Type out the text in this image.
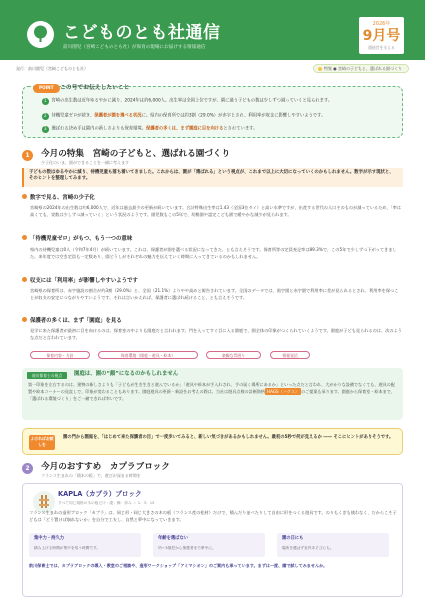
こどものとも社通信
前川園児（宮崎こどものとも社）が保育の現場にお届けする情報通信
2026年
9月号
園経営を支える
発行：前川園児（宮崎こどものとも社）	特集 ● 宮崎の子どもと、選ばれる園づくり
POINT	この号でお伝えしたいこと
1 宮崎の出生数は近年ゆるやかに減り、2024年は約6,000人。出生率は全国上位ですが、園に通う子どもの数は少しずつ減っていくと見られます。
2 待機児童ゼロが続き、保護者が園を選べる状況に。県内の保育所では約3割（29.0%）が赤字とされ、利用率が収支に影響しやすいようです。
3 選ばれる決め手は園内の新しさよりも保育環境。保護者の多くは、まず園庭に目を向けるとされています。
1	今月の特集　宮崎の子どもと、選ばれる園づくり
少子化のいま、園ができることを一緒に考えます
子どもの数はゆるやかに減り、待機児童も落ち着いてきました。これからは、園が「選ばれる」という視点が、これまで以上に大切になっていくのかもしれません。数字が示す現状と、そのヒントを整理してみます。
数字で見る、宮崎の少子化
宮崎県の2024年の出生数は約6,000人で、近年は過去最少の更新が続いています。合計特殊出生率は1.43（全国3位タイ）と高い水準ですが、出産する世代の人口そのものが減っているため、「率は高くても、実数は少しずつ減っていく」という状況のようです。園児数もこの5年で、幼稚園や認定こども園で緩やかな減少が見られます。
「待機児童ゼロ」がもつ、もう一つの意味
県内の待機児童は0人（令和7年4月）が続いています。これは、保護者が園を選べる状況になってきた、とも言えそうです。保育所等の定員充足率は89.3%で、この5年で少しずつ下がってきました。来年度では空き定員も一定数あり、園どうしがそれぞれの魅力を伝えていく時期に入ってきているのかもしれません。
収支には「利用率」が影響しやすいようです
宮崎県の保育所は、赤字施設の割合が約3割（29.0%）と、全国（21.1%）よりやや高めと報告されています。全国のデータでは、黒字園と赤字園で利用率に差が見られるとされ、利用率を保つことが収支の安定につながりやすいようです。それは言いかえれば、保護者に選ばれ続けること、とも言えそうです。
保護者の多くは、まず「園庭」を見る
見学に来た保護者が最初に目を向けるのは、保育室の中よりも園庭だと言われます。門を入ってすぐ目に入る園庭で、園全体の印象がつくられていくようです。園庭が子ども見られるのは、次のような点だと言われています。
保育内容・方針	保育環境（園庭・遊具・絵本）	楽観な雰囲り	情報発信
前川保育士の視点	園庭は、園の“顔”になるのかもしれません
第一印象を左右するのは、建物の新しさよりも「子どもが生き生きと遊んでいるか」「遊具や絵本が手入れされ、手の届く場所にあるか」といった点だと言われ、大がかりな設備でなくても、遊具の配置や絵本コーナーの見直しで、印象が変わることもあります。園庭遊具の更新・新設をお考えの際は、当社は遊具点検の診断資格 HAGS（ハグス） のご提案も承ります。園庭から保育室・絵本まで、「選ばれる環境づくり」をご一緒できれば幸いです。
よければお試しを
園の門から園庭を、「はじめて来た保護者の目」で一度歩いてみると、新しい気づきがあるかもしれません。最初の5秒で何が見えるか ―― そこにヒントがありそうです。
2	今月のおすすめ　カプラブロック
フランス生まれの「積木の板」で、遊びが深まる時間を
KAPLA（カプラ）ブロック
すべて同じ規格の木の板だけ・縦：横：厚み ＝ 1：3：15
フランス生まれの造形ブロック「カプラ」は、同じ形・同じ大きさの木の板（フランス産の松材）だけで、積んだり並べたりして自由に形をつくる遊具です。のりもくぎも使わなく、だからこそ子どもは「どう置けば崩れないか」を自分で工夫し、自然と夢中になっていきます。
集中力・持久力
積み上げる時間が集中を培う時間です。
年齢を選ばない
幼～5歳児から保護者まで夢中に。
園の日にも
場所を選ばず室内あそびにも。
前川保育士では、カプラブロックの導入・教室のご相談や、造形ワークショップ「アミマシオン」のご案内も承っています。まずは一度、園で試してみませんか。
